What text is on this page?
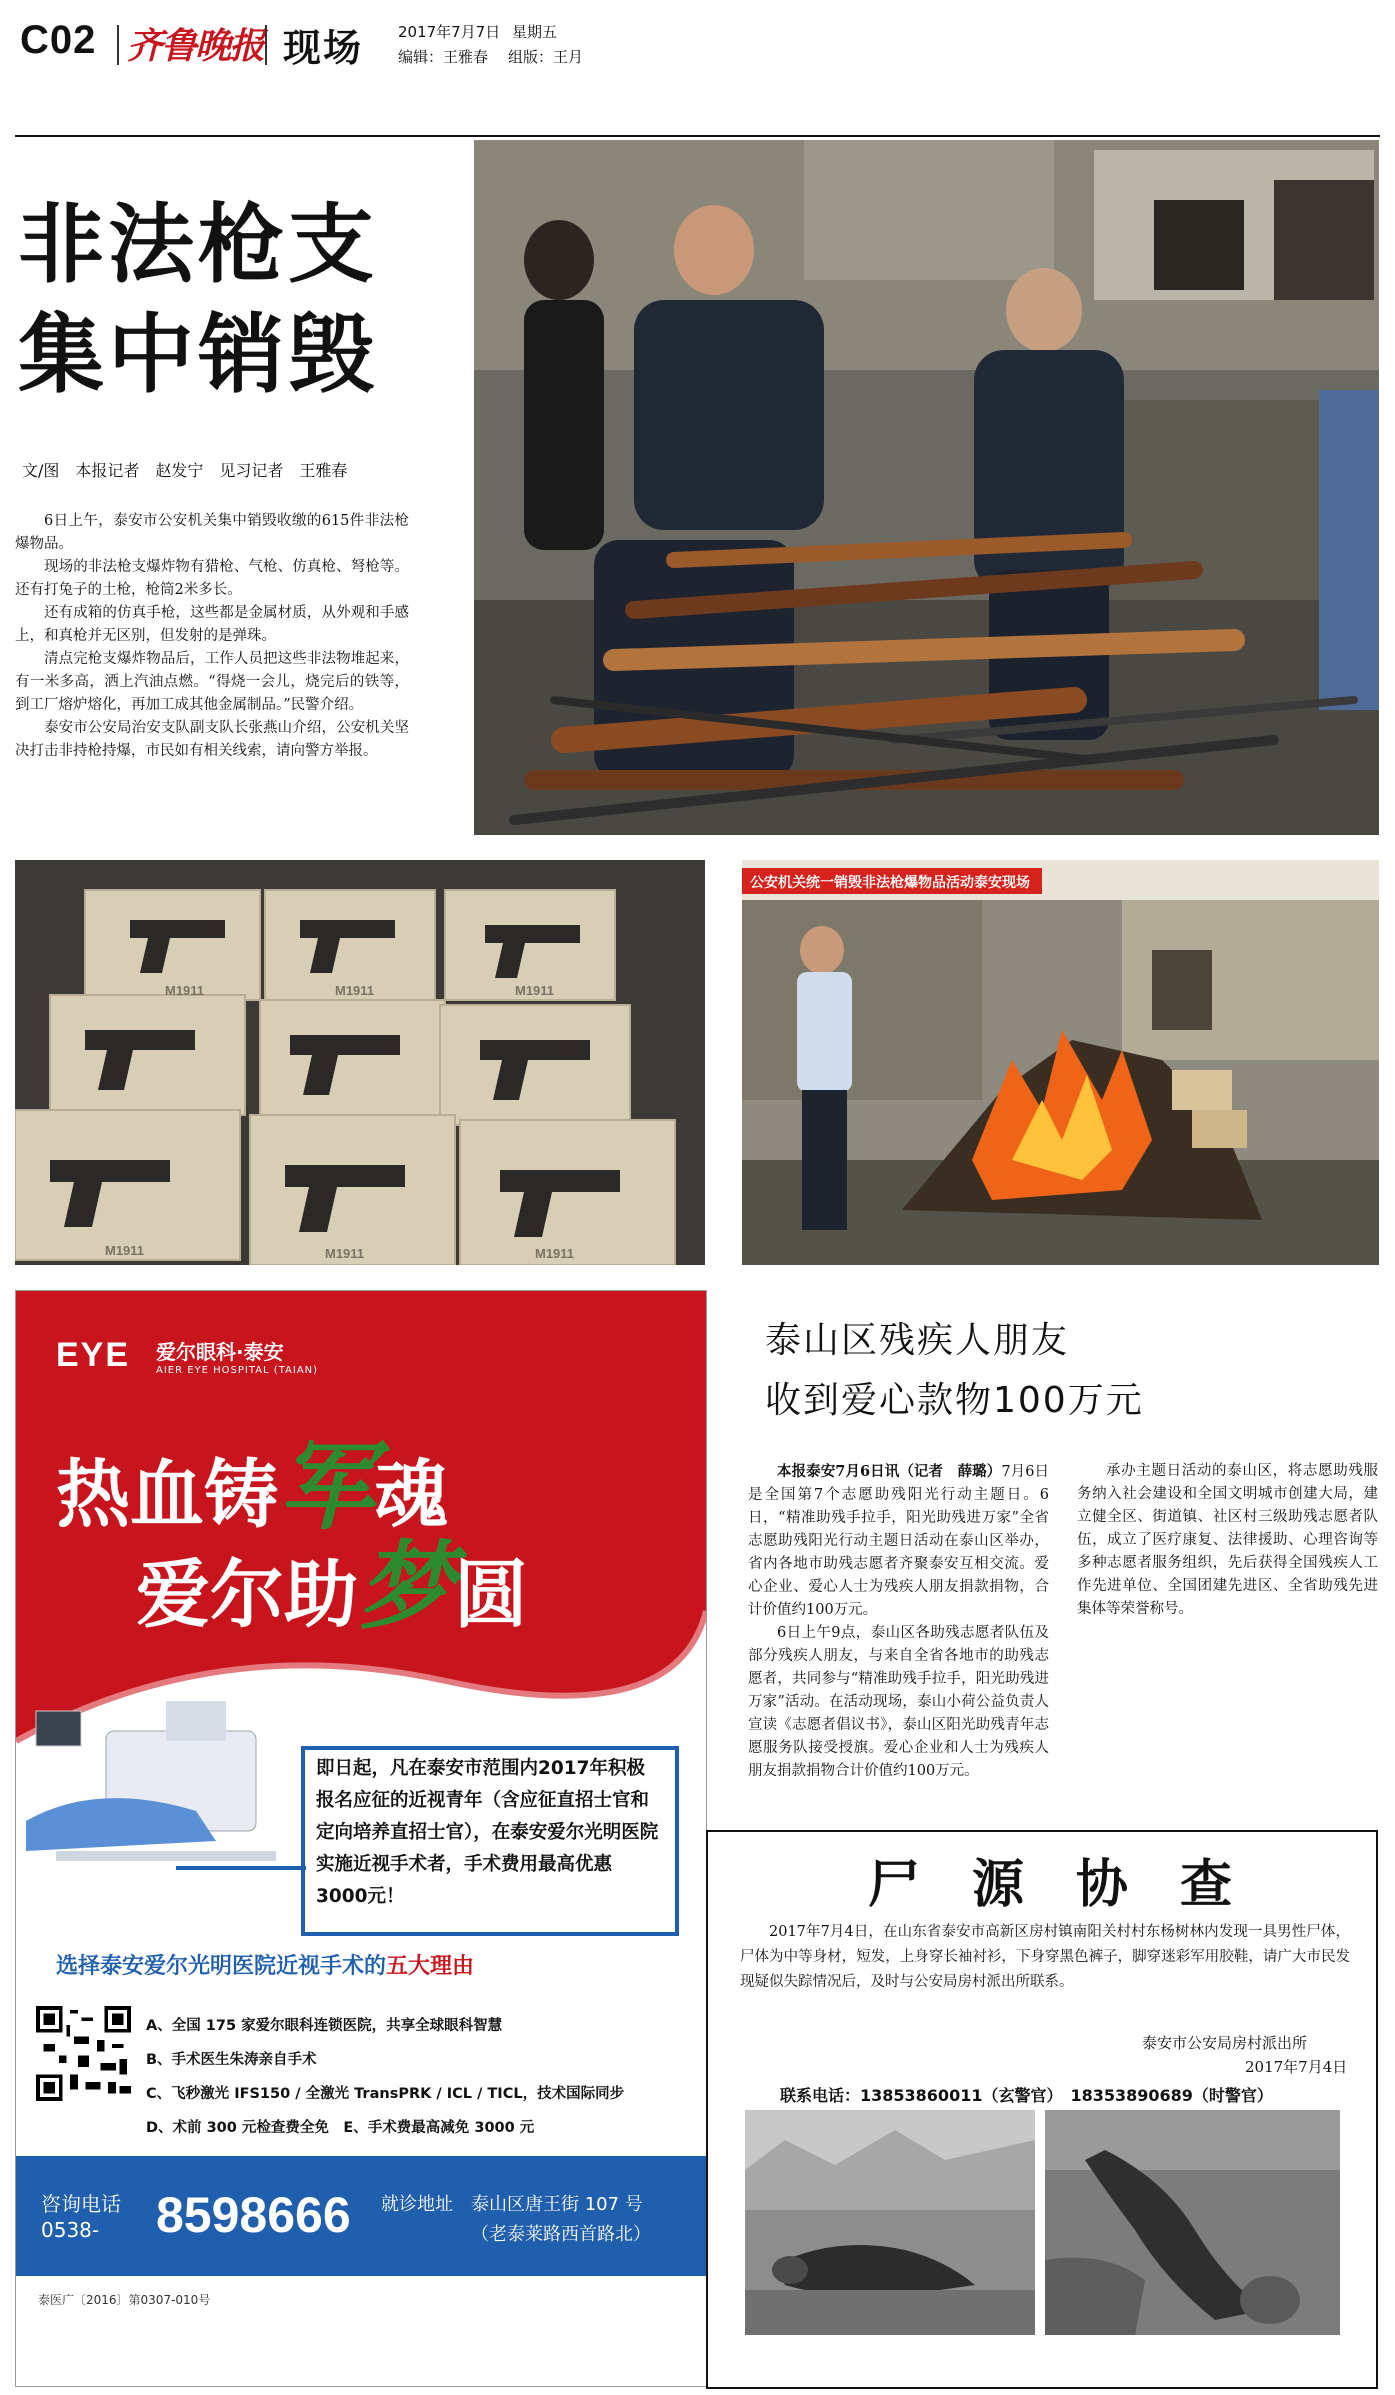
C02 齐鲁晚报 现场 2017年7月7日 星期五
编辑：王雅春 组版：王月
非法枪支
集中销毁
文/图　本报记者　赵发宁　见习记者　王雅春

6日上午，泰安市公安机关集中销毁收缴的615件非法枪爆物品。

现场的非法枪支爆炸物有猎枪、气枪、仿真枪、弩枪等。还有打兔子的土枪，枪筒2米多长。

还有成箱的仿真手枪，这些都是金属材质，从外观和手感上，和真枪并无区别，但发射的是弹珠。

清点完枪支爆炸物品后，工作人员把这些非法物堆起来，有一米多高，洒上汽油点燃。“得烧一会儿，烧完后的铁等，到工厂熔炉熔化，再加工成其他金属制品。”民警介绍。

泰安市公安局治安支队副支队长张燕山介绍，公安机关坚决打击非持枪持爆，市民如有相关线索，请向警方举报。

M1911	M1911	M1911
M1911	M1911	M1911
公安机关统一销毁非法枪爆物品活动泰安现场
EYE 爱尔眼科·泰安
AIER EYE HOSPITAL (TAIAN)
热血铸军魂
爱尔助梦圆
即日起，凡在泰安市范围内2017年积极报名应征的近视青年（含应征直招士官和定向培养直招士官），在泰安爱尔光明医院实施近视手术者，手术费用最高优惠3000元！
选择泰安爱尔光明医院近视手术的五大理由
A、全国 175 家爱尔眼科连锁医院，共享全球眼科智慧
B、手术医生朱涛亲自手术
C、飞秒激光 IFS150 / 全激光 TransPRK / ICL / TICL，技术国际同步
D、术前 300 元检查费全免　E、手术费最高减免 3000 元
咨询电话
0538- 8598666 就诊地址 泰山区唐王街 107 号
（老泰莱路西首路北）
泰医广〔2016〕第0307-010号
泰山区残疾人朋友
收到爱心款物100万元

本报泰安7月6日讯（记者　薛璐）7月6日是全国第7个志愿助残阳光行动主题日。6日，“精准助残手拉手，阳光助残进万家”全省志愿助残阳光行动主题日活动在泰山区举办，省内各地市助残志愿者齐聚泰安互相交流。爱心企业、爱心人士为残疾人朋友捐款捐物，合计价值约100万元。

6日上午9点，泰山区各助残志愿者队伍及部分残疾人朋友，与来自全省各地市的助残志愿者，共同参与“精准助残手拉手，阳光助残进万家”活动。在活动现场，泰山小荷公益负责人宣读《志愿者倡议书》，泰山区阳光助残青年志愿服务队接受授旗。爱心企业和人士为残疾人朋友捐款捐物合计价值约100万元。

承办主题日活动的泰山区，将志愿助残服务纳入社会建设和全国文明城市创建大局，建立健全区、街道镇、社区村三级助残志愿者队伍，成立了医疗康复、法律援助、心理咨询等多种志愿者服务组织，先后获得全国残疾人工作先进单位、全国团建先进区、全省助残先进集体等荣誉称号。

尸　源　协　查
2017年7月4日，在山东省泰安市高新区房村镇南阳关村村东杨树林内发现一具男性尸体，尸体为中等身材，短发，上身穿长袖衬衫，下身穿黑色裤子，脚穿迷彩军用胶鞋，请广大市民发现疑似失踪情况后，及时与公安局房村派出所联系。
泰安市公安局房村派出所
2017年7月4日
联系电话：13853860011（玄警官）　18353890689（时警官）
